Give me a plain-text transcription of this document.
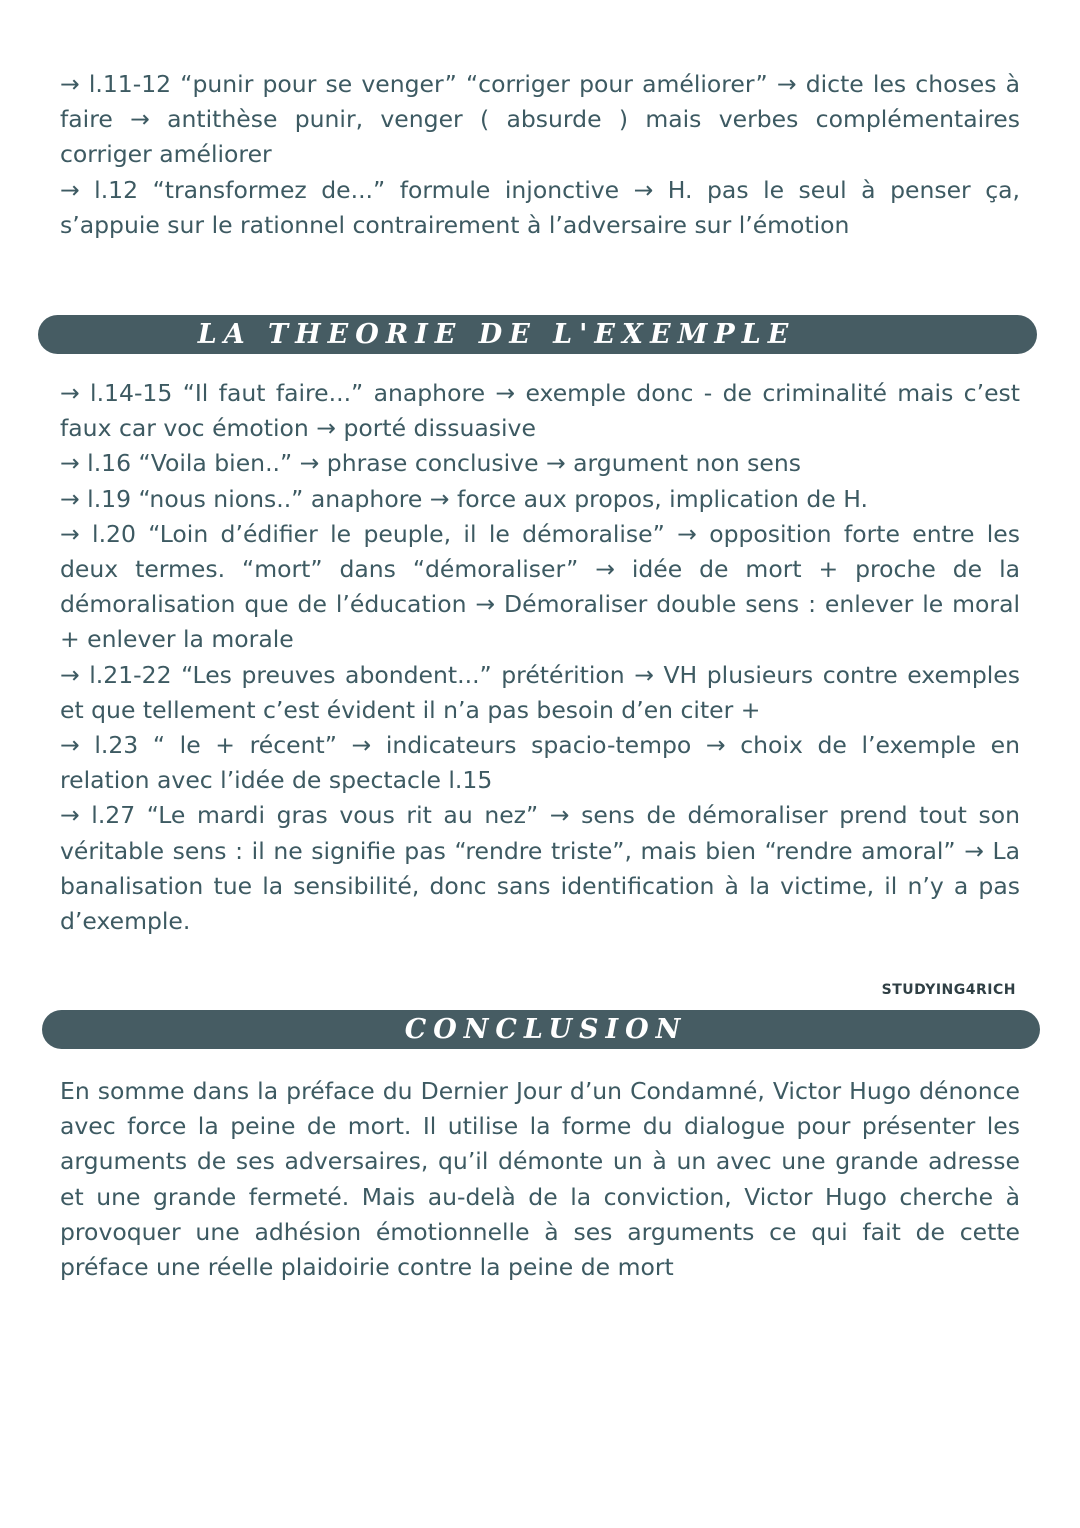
→ l.11-12 “punir pour se venger” “corriger pour améliorer” → dicte les choses à faire → antithèse punir, venger ( absurde ) mais verbes complémentaires corriger améliorer

→ l.12 “transformez de...” formule injonctive → H. pas le seul à penser ça, s’appuie sur le rationnel contrairement à l’adversaire sur l’émotion

LA THEORIE DE L'EXEMPLE

→ l.14-15 “Il faut faire...” anaphore → exemple donc - de criminalité mais c’est faux car voc émotion → porté dissuasive

→ l.16 “Voila bien..” → phrase conclusive → argument non sens

→ l.19 “nous nions..” anaphore → force aux propos, implication de H.

→ l.20 “Loin d’édifier le peuple, il le démoralise” → opposition forte entre les deux termes. “mort” dans “démoraliser” → idée de mort + proche de la démoralisation que de l’éducation → Démoraliser double sens : enlever le moral + enlever la morale

→ l.21-22 “Les preuves abondent...” prétérition → VH plusieurs contre exemples et que tellement c’est évident il n’a pas besoin d’en citer +

→ l.23 “ le + récent” → indicateurs spacio-tempo → choix de l’exemple en relation avec l’idée de spectacle l.15

→ l.27 “Le mardi gras vous rit au nez” → sens de démoraliser prend tout son véritable sens : il ne signifie pas “rendre triste”, mais bien “rendre amoral” → La banalisation tue la sensibilité, donc sans identification à la victime, il n’y a pas d’exemple.

STUDYING4RICH
CONCLUSION

En somme dans la préface du Dernier Jour d’un Condamné, Victor Hugo dénonce avec force la peine de mort. Il utilise la forme du dialogue pour présenter les arguments de ses adversaires, qu’il démonte un à un avec une grande adresse et une grande fermeté. Mais au-delà de la conviction, Victor Hugo cherche à provoquer une adhésion émotionnelle à ses arguments ce qui fait de cette préface une réelle plaidoirie contre la peine de mort
